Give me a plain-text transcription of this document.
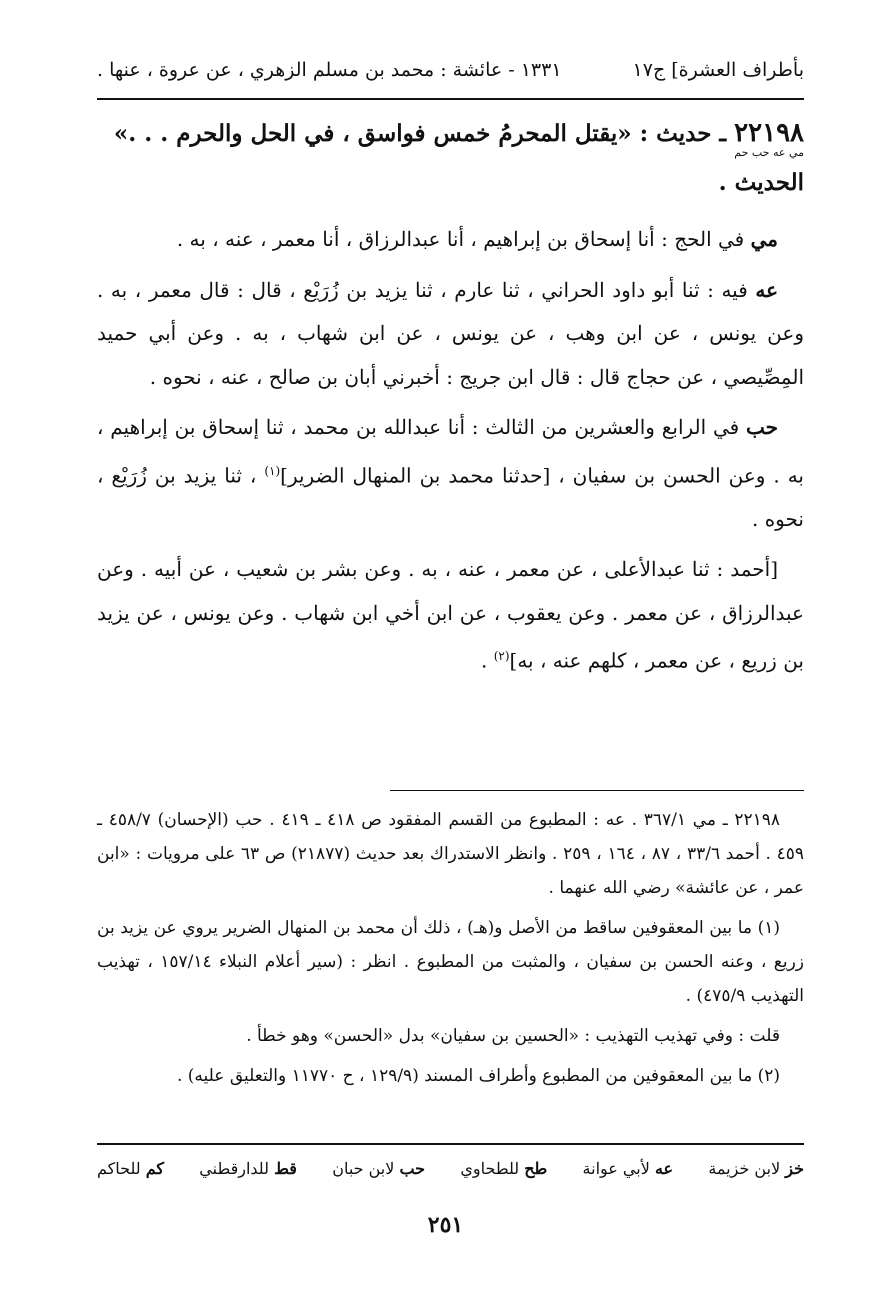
بأطراف العشرة] ج١٧
١٣٣١ - عائشة : محمد بن مسلم الزهري ، عن عروة ، عنها .
٢٢١٩٨ ـ حديث : «يقتل المحرمُ خمس فواسق ، في الحل والحرم . . .»
مي عه حب حم
الحديث .

مي في الحج : أنا إسحاق بن إبراهيم ، أنا عبدالرزاق ، أنا معمر ، عنه ، به .

عه فيه : ثنا أبو داود الحراني ، ثنا عارم ، ثنا يزيد بن زُرَيْع ، قال : قال معمر ، به . وعن يونس ، عن ابن وهب ، عن يونس ، عن ابن شهاب ، به . وعن أبي حميد المِصِّيصي ، عن حجاج قال : قال ابن جريج : أخبرني أبان بن صالح ، عنه ، نحوه .

حب في الرابع والعشرين من الثالث : أنا عبدالله بن محمد ، ثنا إسحاق بن إبراهيم ، به . وعن الحسن بن سفيان ، [حدثنا محمد بن المنهال الضرير]$^{(١)}$ ، ثنا يزيد بن زُرَيْع ، نحوه .

[أحمد : ثنا عبدالأعلى ، عن معمر ، عنه ، به . وعن بشر بن شعيب ، عن أبيه . وعن عبدالرزاق ، عن معمر . وعن يعقوب ، عن ابن أخي ابن شهاب . وعن يونس ، عن يزيد بن زريع ، عن معمر ، كلهم عنه ، به]$^{(٢)}$ .

٢٢١٩٨ ـ مي ٣٦٧/١ . عه : المطبوع من القسم المفقود ص ٤١٨ ـ ٤١٩ . حب (الإحسان) ٤٥٨/٧ ـ ٤٥٩ . أحمد ٣٣/٦ ، ٨٧ ، ١٦٤ ، ٢٥٩ . وانظر الاستدراك بعد حديث (٢١٨٧٧) ص ٦٣ على مرويات : «ابن عمر ، عن عائشة» رضي الله عنهما .

(١) ما بين المعقوفين ساقط من الأصل و(هـ) ، ذلك أن محمد بن المنهال الضرير يروي عن يزيد بن زريع ، وعنه الحسن بن سفيان ، والمثبت من المطبوع . انظر : (سير أعلام النبلاء ١٥٧/١٤ ، تهذيب التهذيب ٤٧٥/٩) .

قلت : وفي تهذيب التهذيب : «الحسين بن سفيان» بدل «الحسن» وهو خطأ .

(٢) ما بين المعقوفين من المطبوع وأطراف المسند (١٢٩/٩ ، ح ١١٧٧٠ والتعليق عليه) .

خز لابن خزيمة
عه لأبي عوانة
طح للطحاوي
حب لابن حبان
قط للدارقطني
كم للحاكم
٢٥١
